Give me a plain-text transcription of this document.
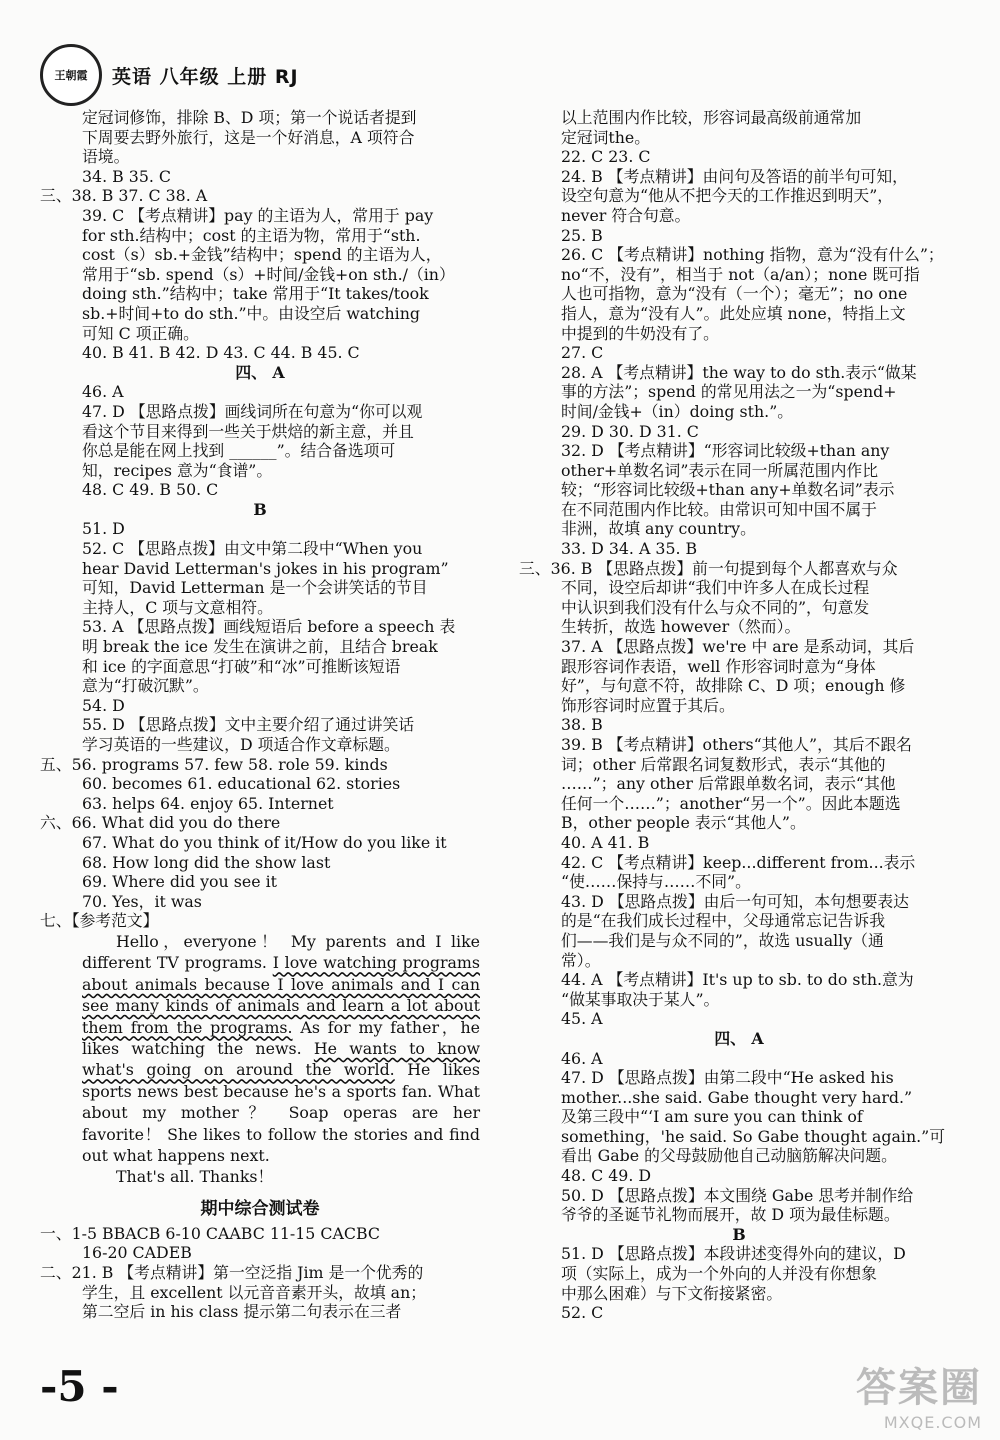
王朝霞	英语 八年级 上册 RJ
定冠词修饰，排除 B、D 项；第一个说话者提到
下周要去野外旅行，这是一个好消息，A 项符合
语境。
34. B 35. C
三、38. B 37. C 38. A
39. C 【考点精讲】pay 的主语为人，常用于 pay
for sth.结构中；cost 的主语为物，常用于“sth.
cost（s）sb.+金钱”结构中；spend 的主语为人，
常用于“sb. spend（s）+时间/金钱+on sth./（in）
doing sth.”结构中；take 常用于“It takes/took
sb.+时间+to do sth.”中。由设空后 watching
可知 C 项正确。
40. B 41. B 42. D 43. C 44. B 45. C
四、 A
46. A
47. D 【思路点拨】画线词所在句意为“你可以观
看这个节目来得到一些关于烘焙的新主意，并且
你总是能在网上找到 ______”。结合备选项可
知，recipes 意为“食谱”。
48. C 49. B 50. C
B
51. D
52. C 【思路点拨】由文中第二段中“When you
hear David Letterman's jokes in his program”
可知，David Letterman 是一个会讲笑话的节目
主持人，C 项与文意相符。
53. A 【思路点拨】画线短语后 before a speech 表
明 break the ice 发生在演讲之前，且结合 break
和 ice 的字面意思“打破”和“冰”可推断该短语
意为“打破沉默”。
54. D
55. D 【思路点拨】文中主要介绍了通过讲笑话
学习英语的一些建议，D 项适合作文章标题。
五、56. programs 57. few 58. role 59. kinds
60. becomes 61. educational 62. stories
63. helps 64. enjoy 65. Internet
六、66. What did you do there
67. What do you think of it/How do you like it
68. How long did the show last
69. Where did you see it
70. Yes，it was
七、【参考范文】

Hello，everyone！ My parents and I like different TV programs. I love watching programs about animals because I love animals and I can see many kinds of animals and learn a lot about them from the programs. As for my father，he likes watching the news. He wants to know what's going on around the world. He likes sports news best because he's a sports fan. What about my mother？ Soap operas are her favorite！ She likes to follow the stories and find out what happens next.

That's all. Thanks！

期中综合测试卷
一、1-5 BBACB 6-10 CAABC 11-15 CACBC
16-20 CADEB
二、21. B 【考点精讲】第一空泛指 Jim 是一个优秀的
学生，且 excellent 以元音音素开头，故填 an；
第二空后 in his class 提示第二句表示在三者
以上范围内作比较，形容词最高级前通常加
定冠词the。
22. C 23. C
24. B 【考点精讲】由问句及答语的前半句可知，
设空句意为“他从不把今天的工作推迟到明天”，
never 符合句意。
25. B
26. C 【考点精讲】nothing 指物，意为“没有什么”；
no“不，没有”，相当于 not（a/an）；none 既可指
人也可指物，意为“没有（一个）；毫无”；no one
指人，意为“没有人”。此处应填 none，特指上文
中提到的牛奶没有了。
27. C
28. A 【考点精讲】the way to do sth.表示“做某
事的方法”；spend 的常见用法之一为“spend+
时间/金钱+（in）doing sth.”。
29. D 30. D 31. C
32. D 【考点精讲】“形容词比较级+than any
other+单数名词”表示在同一所属范围内作比
较；“形容词比较级+than any+单数名词”表示
在不同范围内作比较。由常识可知中国不属于
非洲，故填 any country。
33. D 34. A 35. B
三、36. B 【思路点拨】前一句提到每个人都喜欢与众
不同，设空后却讲“我们中许多人在成长过程
中认识到我们没有什么与众不同的”，句意发
生转折，故选 however（然而）。
37. A 【思路点拨】we're 中 are 是系动词，其后
跟形容词作表语，well 作形容词时意为“身体
好”，与句意不符，故排除 C、D 项；enough 修
饰形容词时应置于其后。
38. B
39. B 【考点精讲】others“其他人”，其后不跟名
词；other 后常跟名词复数形式，表示“其他的
……”；any other 后常跟单数名词，表示“其他
任何一个……”；another“另一个”。因此本题选
B，other people 表示“其他人”。
40. A 41. B
42. C 【考点精讲】keep...different from...表示
“使……保持与……不同”。
43. D 【思路点拨】由后一句可知，本句想要表达
的是“在我们成长过程中，父母通常忘记告诉我
们——我们是与众不同的”，故选 usually（通
常）。
44. A 【考点精讲】It's up to sb. to do sth.意为
“做某事取决于某人”。
45. A
四、 A
46. A
47. D 【思路点拨】由第二段中“He asked his
mother...she said. Gabe thought very hard.”
及第三段中“‘I am sure you can think of
something，'he said. So Gabe thought again.”可
看出 Gabe 的父母鼓励他自己动脑筋解决问题。
48. C 49. D
50. D 【思路点拨】本文围绕 Gabe 思考并制作给
爷爷的圣诞节礼物而展开，故 D 项为最佳标题。
B
51. D 【思路点拨】本段讲述变得外向的建议，D
项（实际上，成为一个外向的人并没有你想象
中那么困难）与下文衔接紧密。
52. C
-5 -	答案圈
MXQE.COM
